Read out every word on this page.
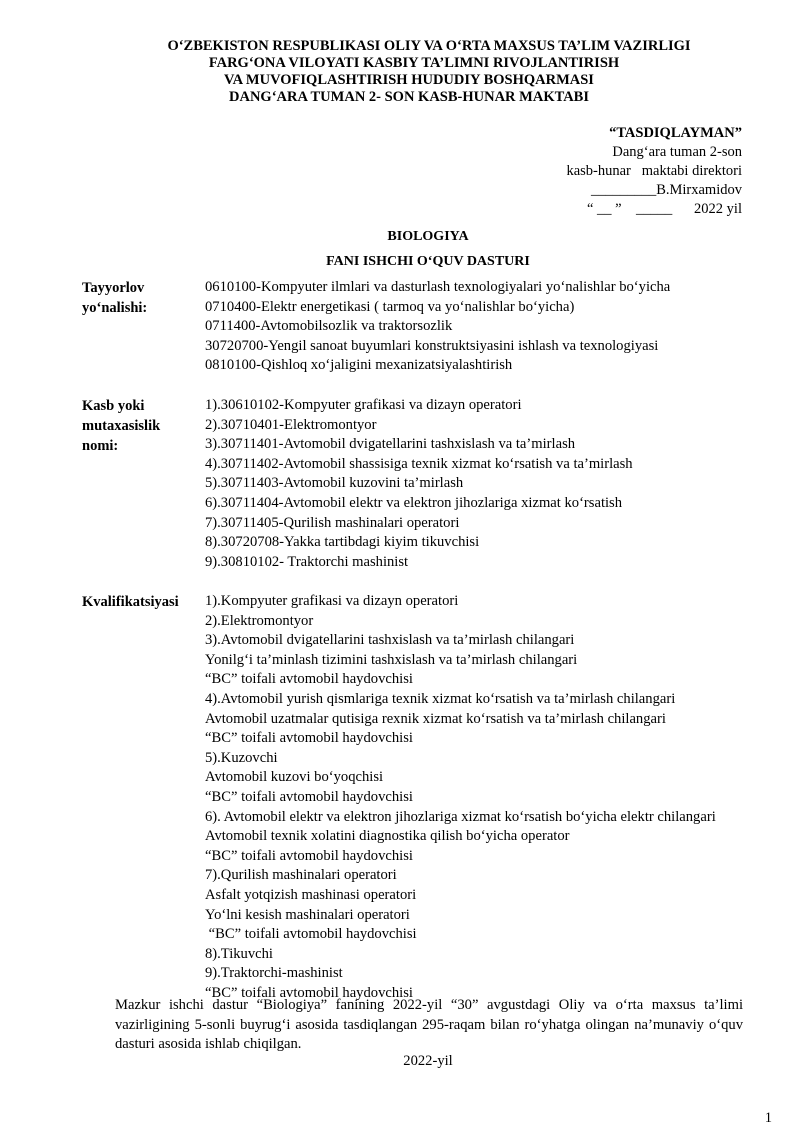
O‘ZBEKISTON RESPUBLIKASI OLIY VA O‘RTA MAXSUS TA’LIM VAZIRLIGI
FARG‘ONA VILOYATI KASBIY TA’LIMNI RIVOJLANTIRISH
VA MUVOFIQLASHTIRISH HUDUDIY BOSHQARMASI
DANG‘ARA TUMAN 2- SON KASB-HUNAR MAKTABI
“TASDIQLAYMAN”
Dang‘ara tuman 2-son
kasb-hunar   maktabi direktori
_________B.Mirxamidov
“ __ ”    _____      2022 yil
BIOLOGIYA
FANI ISHCHI O‘QUV DASTURI
Tayyorlov
yo‘nalishi:
0610100-Kompyuter ilmlari va dasturlash texnologiyalari yo‘nalishlar bo‘yicha
0710400-Elektr energetikasi ( tarmoq va yo‘nalishlar bo‘yicha)
0711400-Avtomobilsozlik va traktorsozlik
30720700-Yengil sanoat buyumlari konstruktsiyasini ishlash va texnologiyasi
0810100-Qishloq xo‘jaligini mexanizatsiyalashtirish
Kasb yoki
mutaxasislik
nomi:
1).30610102-Kompyuter grafikasi va dizayn operatori
2).30710401-Elektromontyor
3).30711401-Avtomobil dvigatellarini tashxislash va ta’mirlash
4).30711402-Avtomobil shassisiga texnik xizmat ko‘rsatish va ta’mirlash
5).30711403-Avtomobil kuzovini ta’mirlash
6).30711404-Avtomobil elektr va elektron jihozlariga xizmat ko‘rsatish
7).30711405-Qurilish mashinalari operatori
8).30720708-Yakka tartibdagi kiyim tikuvchisi
9).30810102- Traktorchi mashinist
Kvalifikatsiyasi	1).Kompyuter grafikasi va dizayn operatori
2).Elektromontyor
3).Avtomobil dvigatellarini tashxislash va ta’mirlash chilangari
Yonilg‘i ta’minlash tizimini tashxislash va ta’mirlash chilangari
“BC” toifali avtomobil haydovchisi
4).Avtomobil yurish qismlariga texnik xizmat ko‘rsatish va ta’mirlash chilangari
Avtomobil uzatmalar qutisiga rexnik xizmat ko‘rsatish va ta’mirlash chilangari
“BC” toifali avtomobil haydovchisi
5).Kuzovchi
Avtomobil kuzovi bo‘yoqchisi
“BC” toifali avtomobil haydovchisi
6). Avtomobil elektr va elektron jihozlariga xizmat ko‘rsatish bo‘yicha elektr chilangari
Avtomobil texnik xolatini diagnostika qilish bo‘yicha operator
“BC” toifali avtomobil haydovchisi
7).Qurilish mashinalari operatori
Asfalt yotqizish mashinasi operatori
Yo‘lni kesish mashinalari operatori
“BC” toifali avtomobil haydovchisi
8).Tikuvchi
9).Traktorchi-mashinist
“BC” toifali avtomobil haydovchisi
Mazkur ishchi dastur “Biologiya” fanining 2022-yil “30” avgustdagi Oliy va o‘rta maxsus ta’limi vazirligining 5-sonli buyrug‘i asosida tasdiqlangan 295-raqam bilan ro‘yhatga olingan na’munaviy o‘quv dasturi asosida ishlab chiqilgan.
2022-yil
1
